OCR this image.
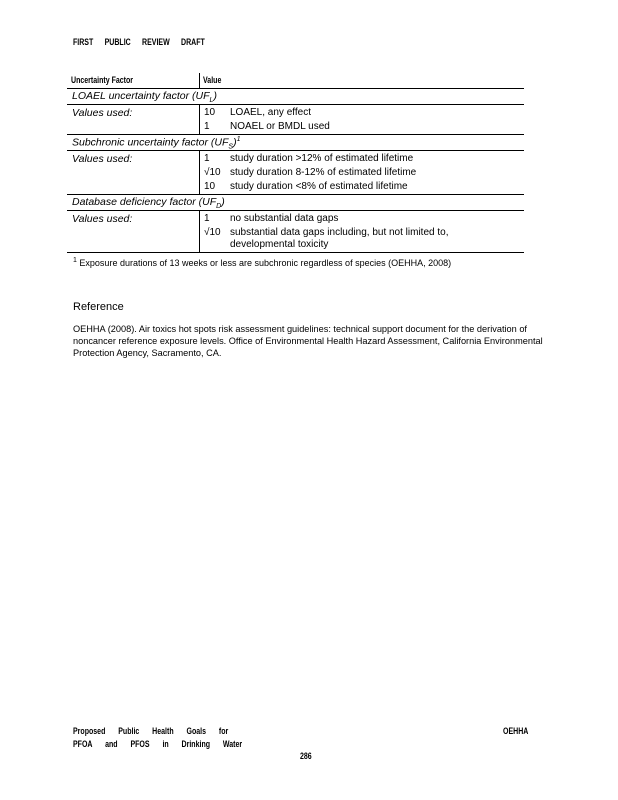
FIRST PUBLIC REVIEW DRAFT
Uncertainty Factor	Value
LOAEL uncertainty factor $(UF_L)$
Values used:	10 LOAEL, any effect
1 NOAEL or BMDL used
Subchronic uncertainty factor $(UF_S)^1$
Values used:	1 study duration >12% of estimated lifetime
√10 study duration 8-12% of estimated lifetime
10 study duration <8% of estimated lifetime
Database deficiency factor $(UF_D)$
Values used:	1 no substantial data gaps
√10 substantial data gaps including, but not limited to,
developmental toxicity
$^1$ Exposure durations of 13 weeks or less are subchronic regardless of species (OEHHA, 2008)
Reference
OEHHA (2008). Air toxics hot spots risk assessment guidelines: technical support document for the derivation of noncancer reference exposure levels. Office of Environmental Health Hazard Assessment, California Environmental Protection Agency, Sacramento, CA.
Proposed Public Health Goals for
PFOA and PFOS in Drinking Water
OEHHA
286
